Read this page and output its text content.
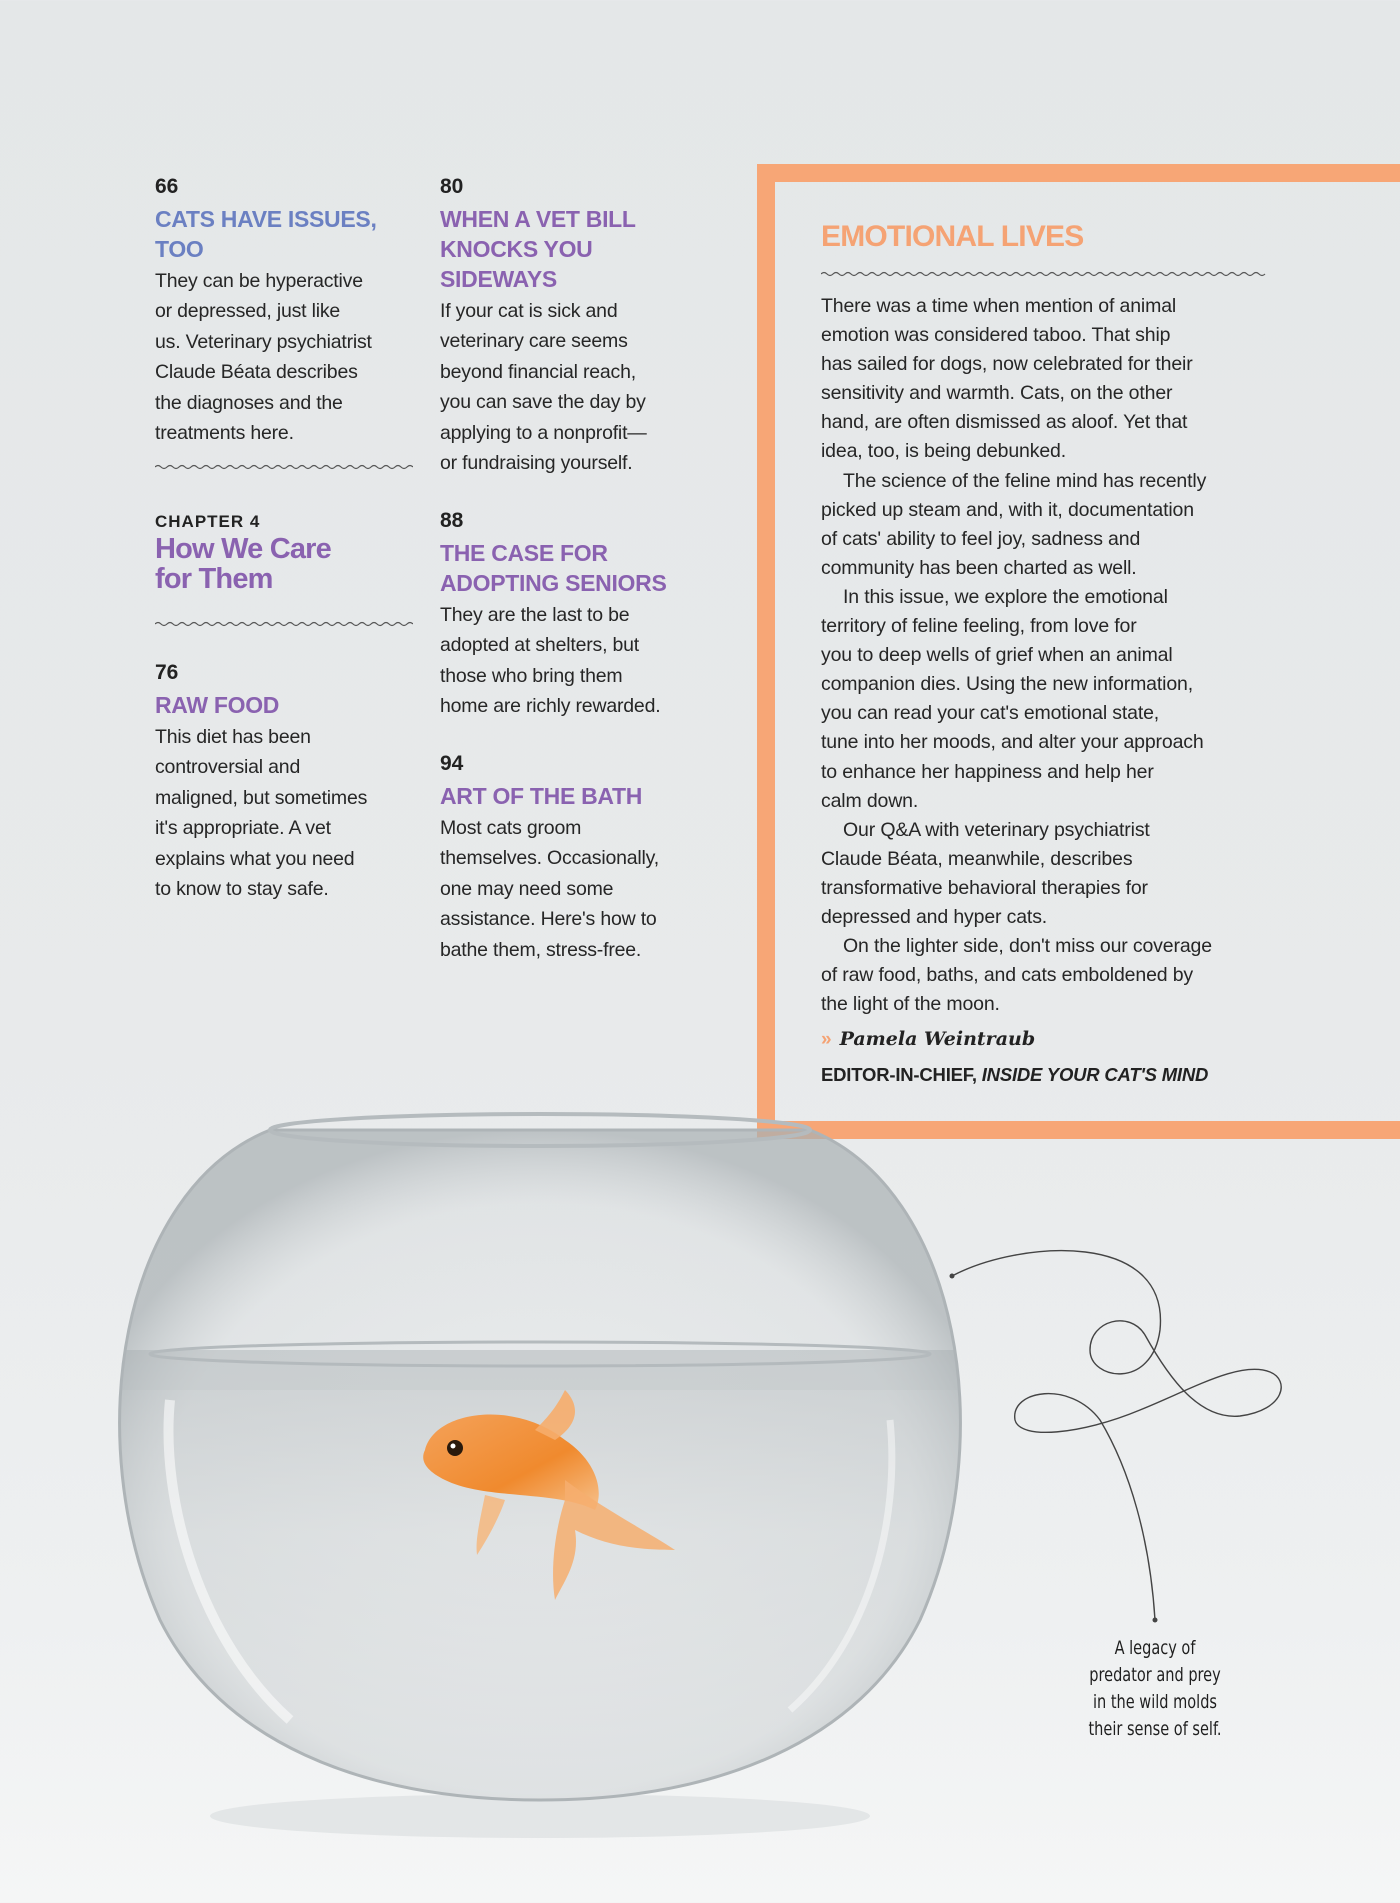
66
CATS HAVE ISSUES,
TOO
They can be hyperactive
or depressed, just like
us. Veterinary psychiatrist
Claude Béata describes
the diagnoses and the
treatments here.
CHAPTER 4
How We Care
for Them
76
RAW FOOD
This diet has been
controversial and
maligned, but sometimes
it's appropriate. A vet
explains what you need
to know to stay safe.
80
WHEN A VET BILL
KNOCKS YOU
SIDEWAYS
If your cat is sick and
veterinary care seems
beyond financial reach,
you can save the day by
applying to a nonprofit—
or fundraising yourself.
88
THE CASE FOR
ADOPTING SENIORS
They are the last to be
adopted at shelters, but
those who bring them
home are richly rewarded.
94
ART OF THE BATH
Most cats groom
themselves. Occasionally,
one may need some
assistance. Here's how to
bathe them, stress-free.
EMOTIONAL LIVES

There was a time when mention of animal
emotion was considered taboo. That ship
has sailed for dogs, now celebrated for their
sensitivity and warmth. Cats, on the other
hand, are often dismissed as aloof. Yet that
idea, too, is being debunked.

The science of the feline mind has recently
picked up steam and, with it, documentation
of cats' ability to feel joy, sadness and
community has been charted as well.

In this issue, we explore the emotional
territory of feline feeling, from love for
you to deep wells of grief when an animal
companion dies. Using the new information,
you can read your cat's emotional state,
tune into her moods, and alter your approach
to enhance her happiness and help her
calm down.

Our Q&A with veterinary psychiatrist
Claude Béata, meanwhile, describes
transformative behavioral therapies for
depressed and hyper cats.

On the lighter side, don't miss our coverage
of raw food, baths, and cats emboldened by
the light of the moon.

» Pamela Weintraub
EDITOR-IN-CHIEF, INSIDE YOUR CAT'S MIND
A legacy of
predator and prey
in the wild molds
their sense of self.
